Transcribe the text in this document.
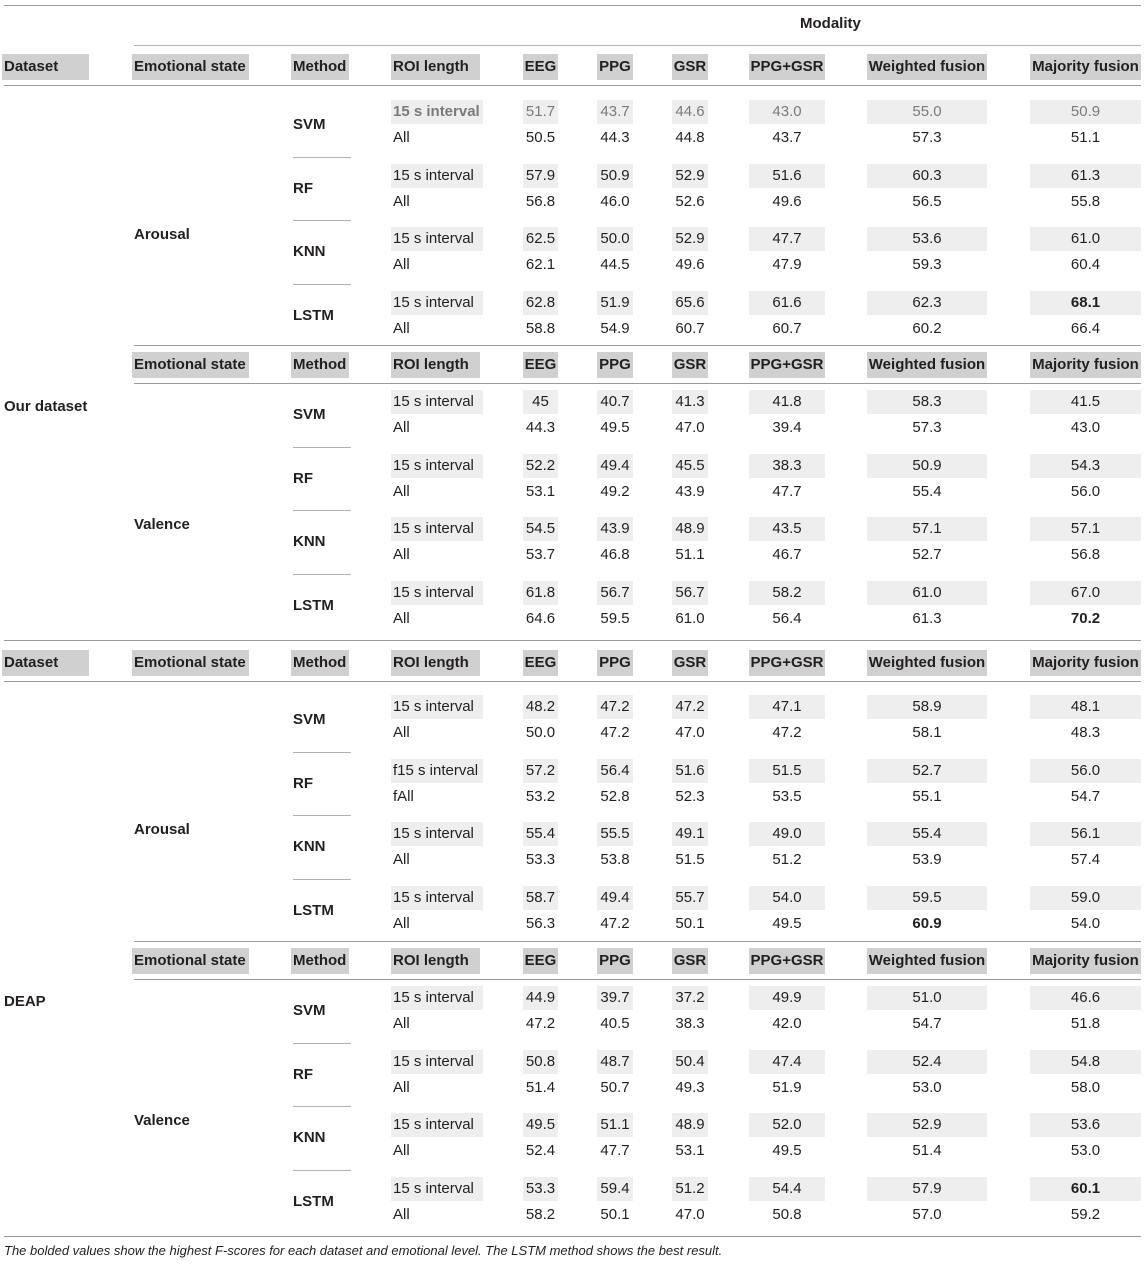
Modality
Dataset	Emotional state	Method	ROI length	EEG	PPG	GSR	PPG+GSR	Weighted fusion	Majority fusion
Our dataset
Arousal
SVM
15 s interval	51.7	43.7	44.6	43.0	55.0	50.9
All	50.5	44.3	44.8	43.7	57.3	51.1
RF
15 s interval	57.9	50.9	52.9	51.6	60.3	61.3
All	56.8	46.0	52.6	49.6	56.5	55.8
KNN
15 s interval	62.5	50.0	52.9	47.7	53.6	61.0
All	62.1	44.5	49.6	47.9	59.3	60.4
LSTM
15 s interval	62.8	51.9	65.6	61.6	62.3	68.1
All	58.8	54.9	60.7	60.7	60.2	66.4
Emotional state	Method	ROI length	EEG	PPG	GSR	PPG+GSR	Weighted fusion	Majority fusion
Valence
SVM
15 s interval	45	40.7	41.3	41.8	58.3	41.5
All	44.3	49.5	47.0	39.4	57.3	43.0
RF
15 s interval	52.2	49.4	45.5	38.3	50.9	54.3
All	53.1	49.2	43.9	47.7	55.4	56.0
KNN
15 s interval	54.5	43.9	48.9	43.5	57.1	57.1
All	53.7	46.8	51.1	46.7	52.7	56.8
LSTM
15 s interval	61.8	56.7	56.7	58.2	61.0	67.0
All	64.6	59.5	61.0	56.4	61.3	70.2
Dataset	Emotional state	Method	ROI length	EEG	PPG	GSR	PPG+GSR	Weighted fusion	Majority fusion
DEAP
Arousal
SVM
15 s interval	48.2	47.2	47.2	47.1	58.9	48.1
All	50.0	47.2	47.0	47.2	58.1	48.3
RF
f15 s interval	57.2	56.4	51.6	51.5	52.7	56.0
fAll	53.2	52.8	52.3	53.5	55.1	54.7
KNN
15 s interval	55.4	55.5	49.1	49.0	55.4	56.1
All	53.3	53.8	51.5	51.2	53.9	57.4
LSTM
15 s interval	58.7	49.4	55.7	54.0	59.5	59.0
All	56.3	47.2	50.1	49.5	60.9	54.0
Emotional state	Method	ROI length	EEG	PPG	GSR	PPG+GSR	Weighted fusion	Majority fusion
Valence
SVM
15 s interval	44.9	39.7	37.2	49.9	51.0	46.6
All	47.2	40.5	38.3	42.0	54.7	51.8
RF
15 s interval	50.8	48.7	50.4	47.4	52.4	54.8
All	51.4	50.7	49.3	51.9	53.0	58.0
KNN
15 s interval	49.5	51.1	48.9	52.0	52.9	53.6
All	52.4	47.7	53.1	49.5	51.4	53.0
LSTM
15 s interval	53.3	59.4	51.2	54.4	57.9	60.1
All	58.2	50.1	47.0	50.8	57.0	59.2
The bolded values show the highest F-scores for each dataset and emotional level. The LSTM method shows the best result.
